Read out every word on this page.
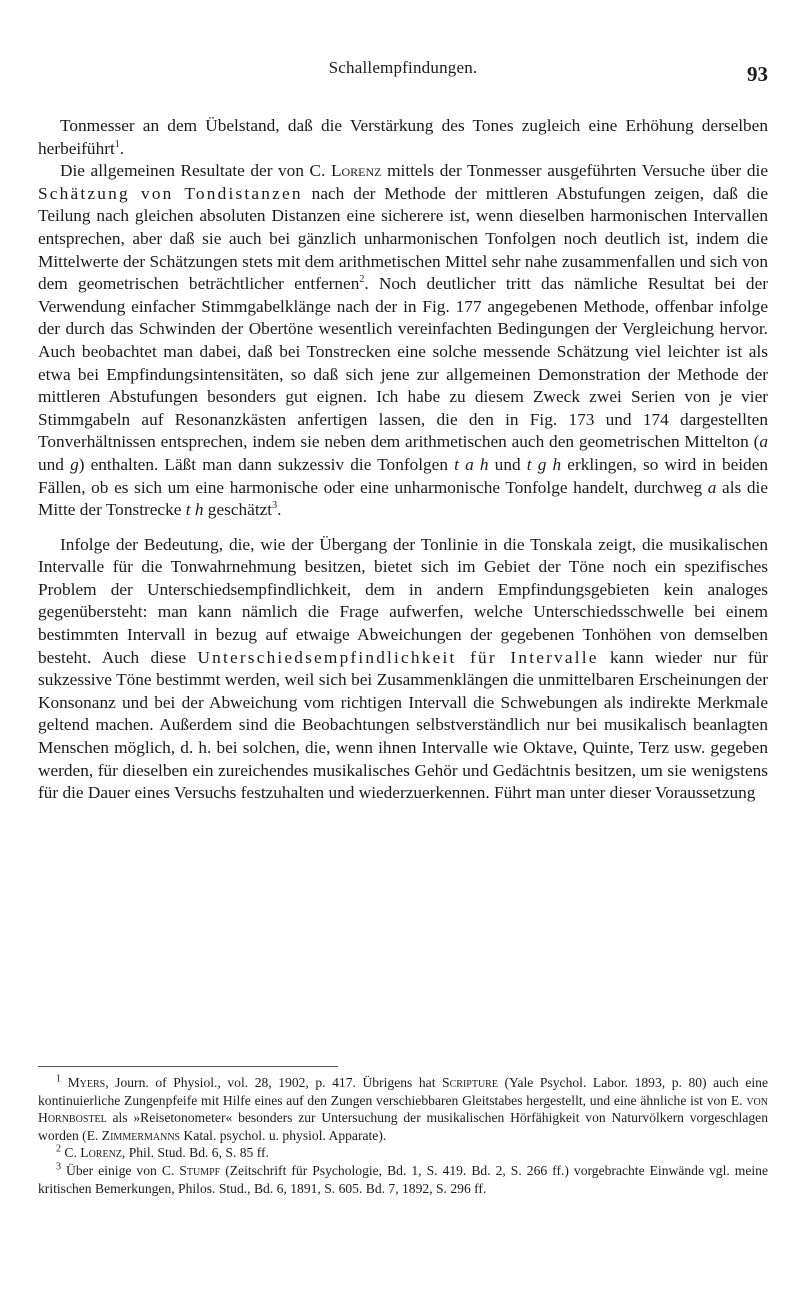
Schallempfindungen.	93

Tonmesser an dem Übelstand, daß die Verstärkung des Tones zugleich eine Erhöhung derselben herbeiführt$^1$.

Die allgemeinen Resultate der von C. Lorenz mittels der Tonmesser ausgeführten Versuche über die Schätzung von Tondistanzen nach der Methode der mittleren Abstufungen zeigen, daß die Teilung nach gleichen absoluten Distanzen eine sicherere ist, wenn dieselben harmonischen Intervallen entsprechen, aber daß sie auch bei gänzlich unharmonischen Tonfolgen noch deutlich ist, indem die Mittelwerte der Schätzungen stets mit dem arithmetischen Mittel sehr nahe zusammenfallen und sich von dem geometrischen beträchtlicher entfernen$^2$. Noch deutlicher tritt das nämliche Resultat bei der Verwendung einfacher Stimmgabelklänge nach der in Fig. 177 angegebenen Methode, offenbar infolge der durch das Schwinden der Obertöne wesentlich vereinfachten Bedingungen der Vergleichung hervor. Auch beobachtet man dabei, daß bei Tonstrecken eine solche messende Schätzung viel leichter ist als etwa bei Empfindungsintensitäten, so daß sich jene zur allgemeinen Demonstration der Methode der mittleren Abstufungen besonders gut eignen. Ich habe zu diesem Zweck zwei Serien von je vier Stimmgabeln auf Resonanzkästen anfertigen lassen, die den in Fig. 173 und 174 dargestellten Tonverhältnissen entsprechen, indem sie neben dem arithmetischen auch den geometrischen Mittelton (a und g) enthalten. Läßt man dann sukzessiv die Tonfolgen t a h und t g h erklingen, so wird in beiden Fällen, ob es sich um eine harmonische oder eine unharmonische Tonfolge handelt, durchweg a als die Mitte der Tonstrecke t h geschätzt$^3$.

Infolge der Bedeutung, die, wie der Übergang der Tonlinie in die Tonskala zeigt, die musikalischen Intervalle für die Tonwahrnehmung besitzen, bietet sich im Gebiet der Töne noch ein spezifisches Problem der Unterschiedsempfindlichkeit, dem in andern Empfindungsgebieten kein analoges gegenübersteht: man kann nämlich die Frage aufwerfen, welche Unterschiedsschwelle bei einem bestimmten Intervall in bezug auf etwaige Abweichungen der gegebenen Tonhöhen von demselben besteht. Auch diese Unterschiedsempfindlichkeit für Intervalle kann wieder nur für sukzessive Töne bestimmt werden, weil sich bei Zusammenklängen die unmittelbaren Erscheinungen der Konsonanz und bei der Abweichung vom richtigen Intervall die Schwebungen als indirekte Merkmale geltend machen. Außerdem sind die Beobachtungen selbstverständlich nur bei musikalisch beanlagten Menschen möglich, d. h. bei solchen, die, wenn ihnen Intervalle wie Oktave, Quinte, Terz usw. gegeben werden, für dieselben ein zureichendes musikalisches Gehör und Gedächtnis besitzen, um sie wenigstens für die Dauer eines Versuchs festzuhalten und wiederzuerkennen. Führt man unter dieser Voraussetzung

$^1$ Myers, Journ. of Physiol., vol. 28, 1902, p. 417. Übrigens hat Scripture (Yale Psychol. Labor. 1893, p. 80) auch eine kontinuierliche Zungenpfeife mit Hilfe eines auf den Zungen verschiebbaren Gleitstabes hergestellt, und eine ähnliche ist von E. von Hornbostel als »Reisetonometer« besonders zur Untersuchung der musikalischen Hörfähigkeit von Naturvölkern vorgeschlagen worden (E. Zimmermanns Katal. psychol. u. physiol. Apparate).

$^2$ C. Lorenz, Phil. Stud. Bd. 6, S. 85 ff.

$^3$ Über einige von C. Stumpf (Zeitschrift für Psychologie, Bd. 1, S. 419. Bd. 2, S. 266 ff.) vorgebrachte Einwände vgl. meine kritischen Bemerkungen, Philos. Stud., Bd. 6, 1891, S. 605. Bd. 7, 1892, S. 296 ff.
